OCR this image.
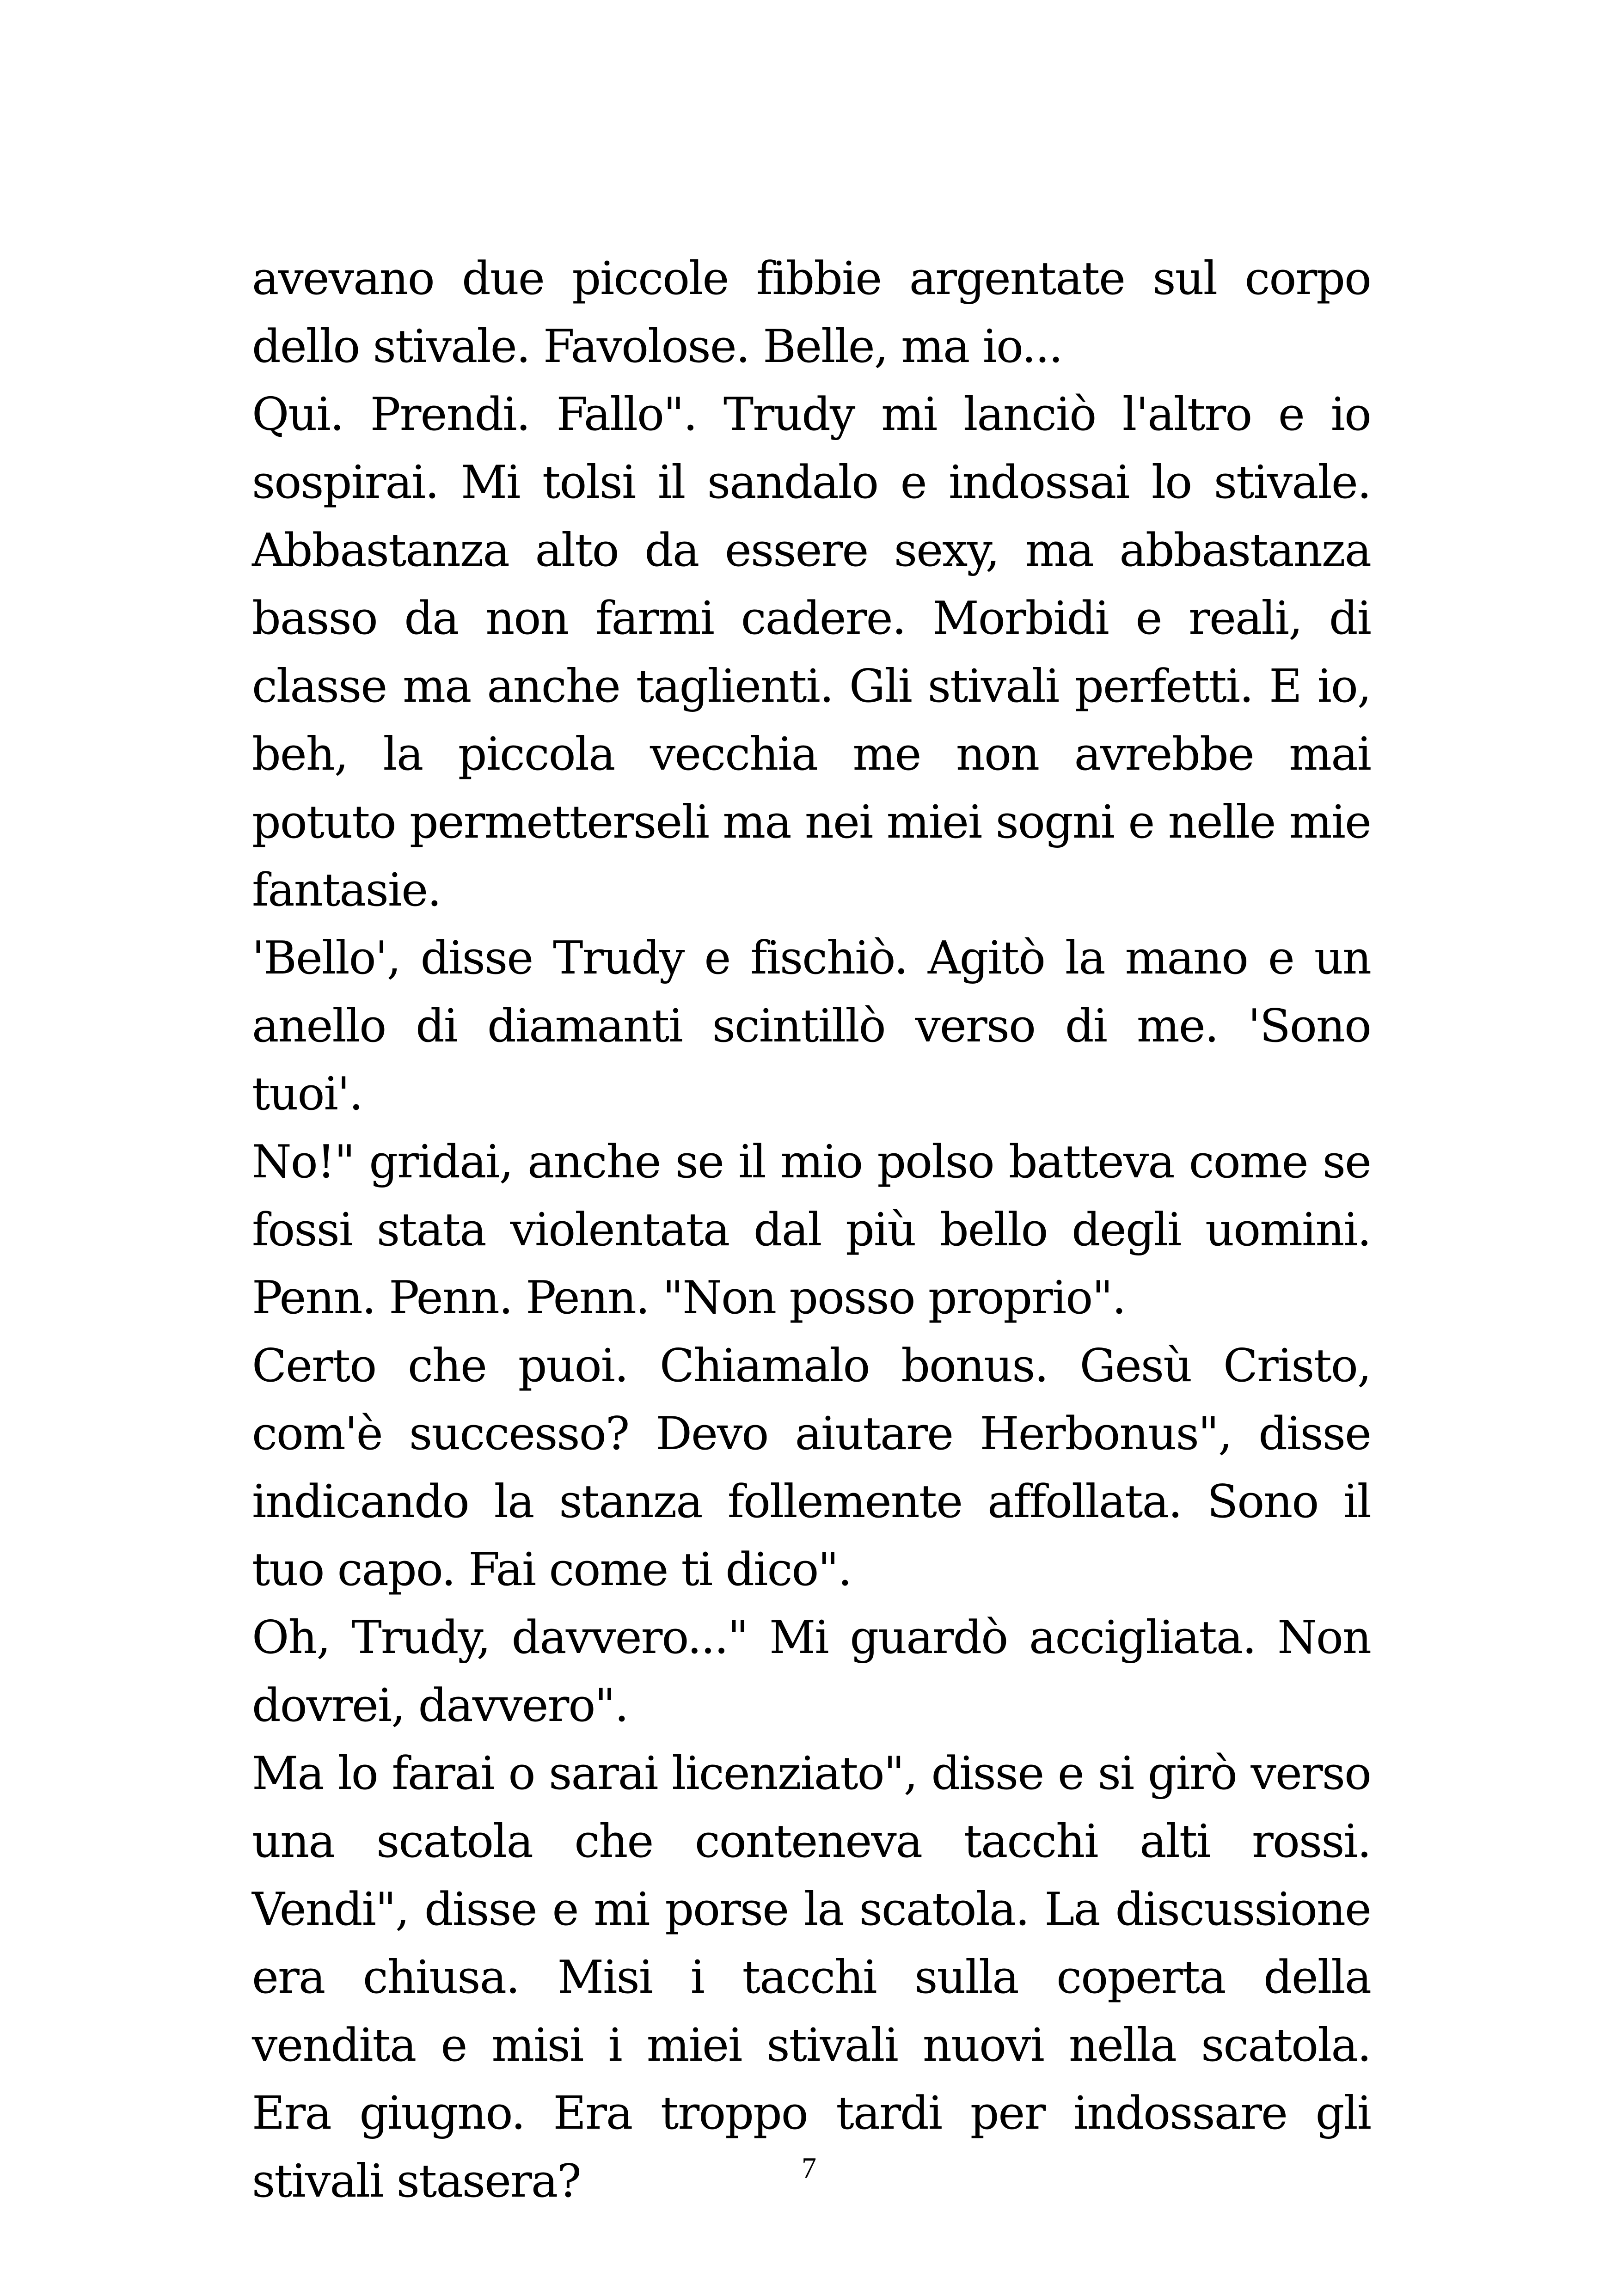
avevano due piccole fibbie argentate sul corpo dello stivale. Favolose. Belle, ma io...

Qui. Prendi. Fallo". Trudy mi lanciò l'altro e io sospirai. Mi tolsi il sandalo e indossai lo stivale. Abbastanza alto da essere sexy, ma abbastanza basso da non farmi cadere. Morbidi e reali, di classe ma anche taglienti. Gli stivali perfetti. E io, beh, la piccola vecchia me non avrebbe mai potuto permetterseli ma nei miei sogni e nelle mie fantasie.

'Bello', disse Trudy e fischiò. Agitò la mano e un anello di diamanti scintillò verso di me. 'Sono tuoi'.

No!" gridai, anche se il mio polso batteva come se fossi stata violentata dal più bello degli uomini. Penn. Penn. Penn. "Non posso proprio".

Certo che puoi. Chiamalo bonus. Gesù Cristo, com'è successo? Devo aiutare Herbonus", disse indicando la stanza follemente affollata. Sono il tuo capo. Fai come ti dico".

Oh, Trudy, davvero..." Mi guardò accigliata. Non dovrei, davvero".

Ma lo farai o sarai licenziato", disse e si girò verso una scatola che conteneva tacchi alti rossi. Vendi", disse e mi porse la scatola. La discussione era chiusa. Misi i tacchi sulla coperta della vendita e misi i miei stivali nuovi nella scatola. Era giugno. Era troppo tardi per indossare gli stivali stasera?	7
